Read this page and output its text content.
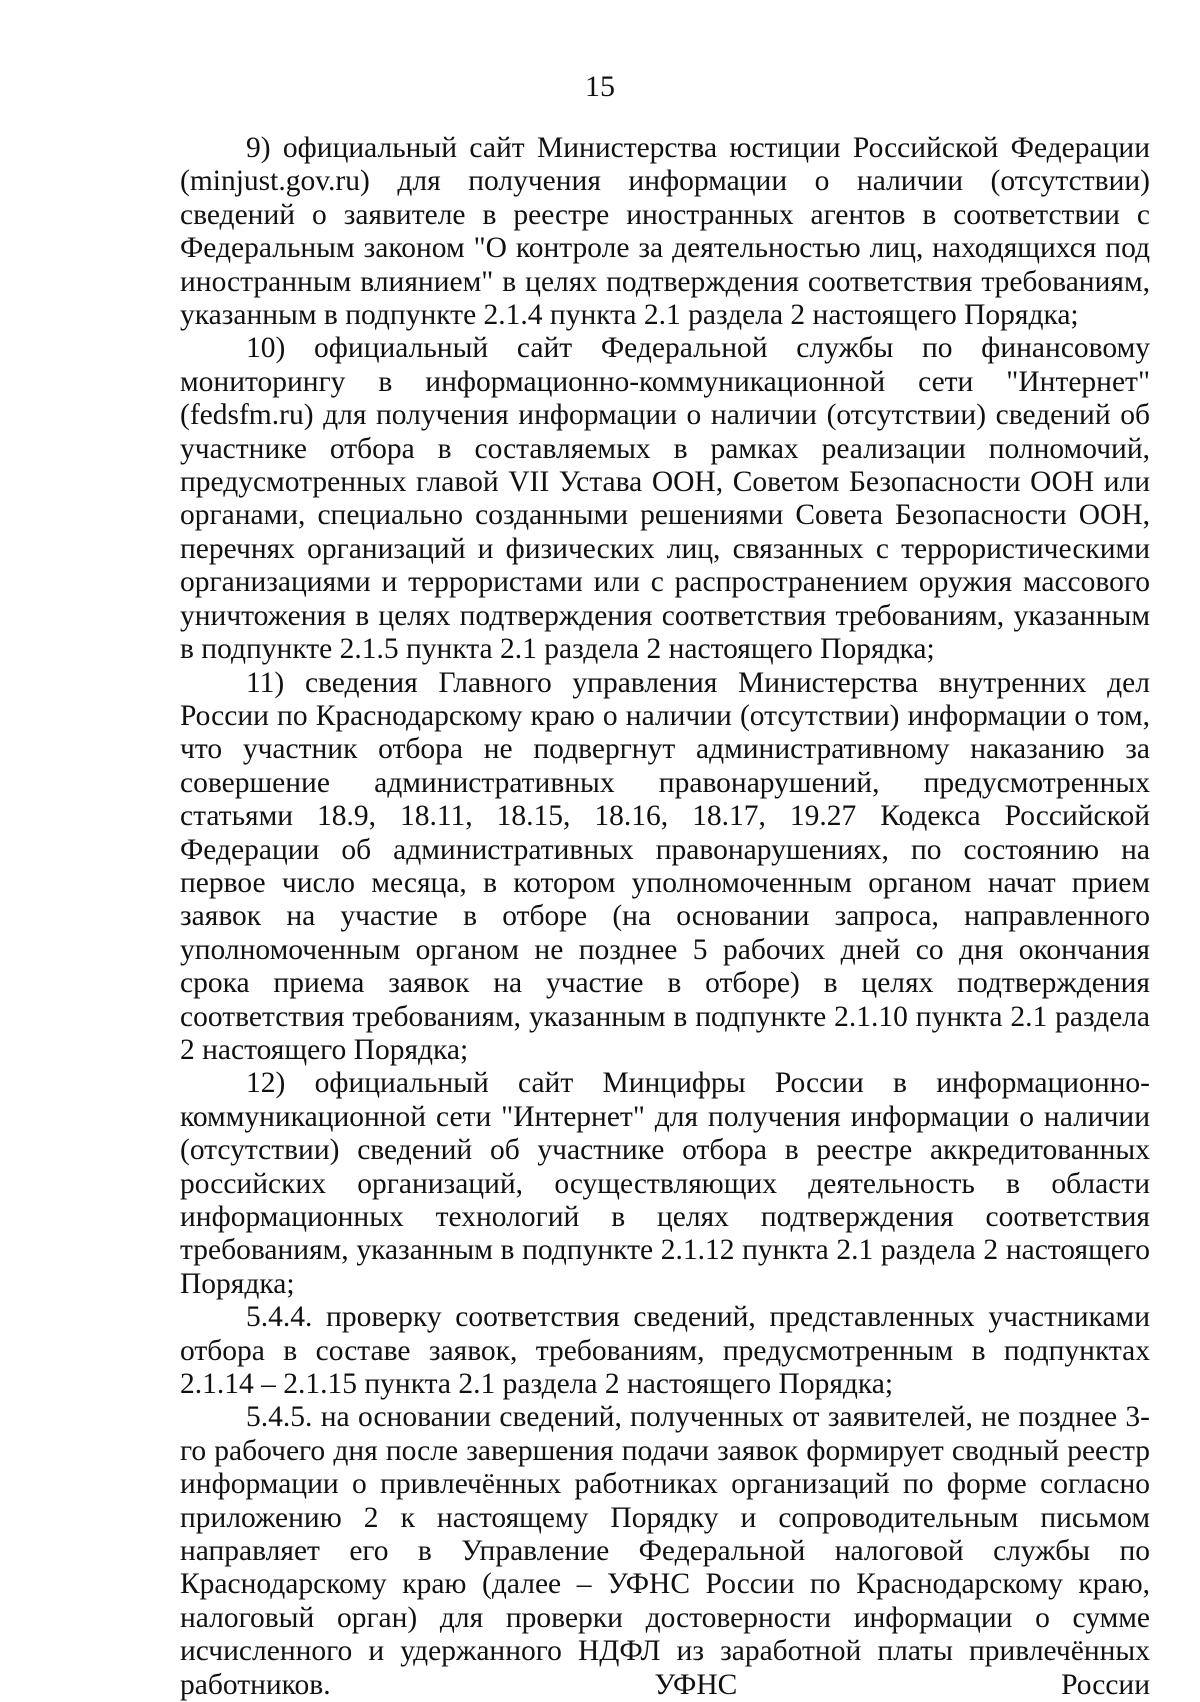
15

9) официальный сайт Министерства юстиции Российской Федерации (minjust.gov.ru) для получения информации о наличии (отсутствии) сведений о заявителе в реестре иностранных агентов в соответствии с Федеральным законом "О контроле за деятельностью лиц, находящихся под иностранным влиянием" в целях подтверждения соответствия требованиям, указанным в подпункте 2.1.4 пункта 2.1 раздела 2 настоящего Порядка;

10) официальный сайт Федеральной службы по финансовому мониторингу в информационно-коммуникационной сети "Интернет" (fedsfm.ru) для получения информации о наличии (отсутствии) сведений об участнике отбора в составляемых в рамках реализации полномочий, предусмотренных главой VII Устава ООН, Советом Безопасности ООН или органами, специально созданными решениями Совета Безопасности ООН, перечнях организаций и физических лиц, связанных с террористическими организациями и террористами или с распространением оружия массового уничтожения в целях подтверждения соответствия требованиям, указанным в подпункте 2.1.5 пункта 2.1 раздела 2 настоящего Порядка;

11) сведения Главного управления Министерства внутренних дел России по Краснодарскому краю о наличии (отсутствии) информации о том, что участник отбора не подвергнут административному наказанию за совершение административных правонарушений, предусмотренных статьями 18.9, 18.11, 18.15, 18.16, 18.17, 19.27 Кодекса Российской Федерации об административных правонарушениях, по состоянию на первое число месяца, в котором уполномоченным органом начат прием заявок на участие в отборе (на основании запроса, направленного уполномоченным органом не позднее 5 рабочих дней со дня окончания срока приема заявок на участие в отборе) в целях подтверждения соответствия требованиям, указанным в подпункте 2.1.10 пункта 2.1 раздела 2 настоящего Порядка;

12) официальный сайт Минцифры России в информационно-коммуникационной сети "Интернет" для получения информации о наличии (отсутствии) сведений об участнике отбора в реестре аккредитованных российских организаций, осуществляющих деятельность в области информационных технологий в целях подтверждения соответствия требованиям, указанным в подпункте 2.1.12 пункта 2.1 раздела 2 настоящего Порядка;

5.4.4. проверку соответствия сведений, представленных участниками отбора в составе заявок, требованиям, предусмотренным в подпунктах 2.1.14 – 2.1.15 пункта 2.1 раздела 2 настоящего Порядка;

5.4.5. на основании сведений, полученных от заявителей, не позднее 3-го рабочего дня после завершения подачи заявок формирует сводный реестр информации о привлечённых работниках организаций по форме согласно приложению 2 к настоящему Порядку и сопроводительным письмом направляет его в Управление Федеральной налоговой службы по Краснодарскому краю (далее – УФНС России по Краснодарскому краю, налоговый орган) для проверки достоверности информации о сумме исчисленного и удержанного НДФЛ из заработной платы привлечённых работников. УФНС России
